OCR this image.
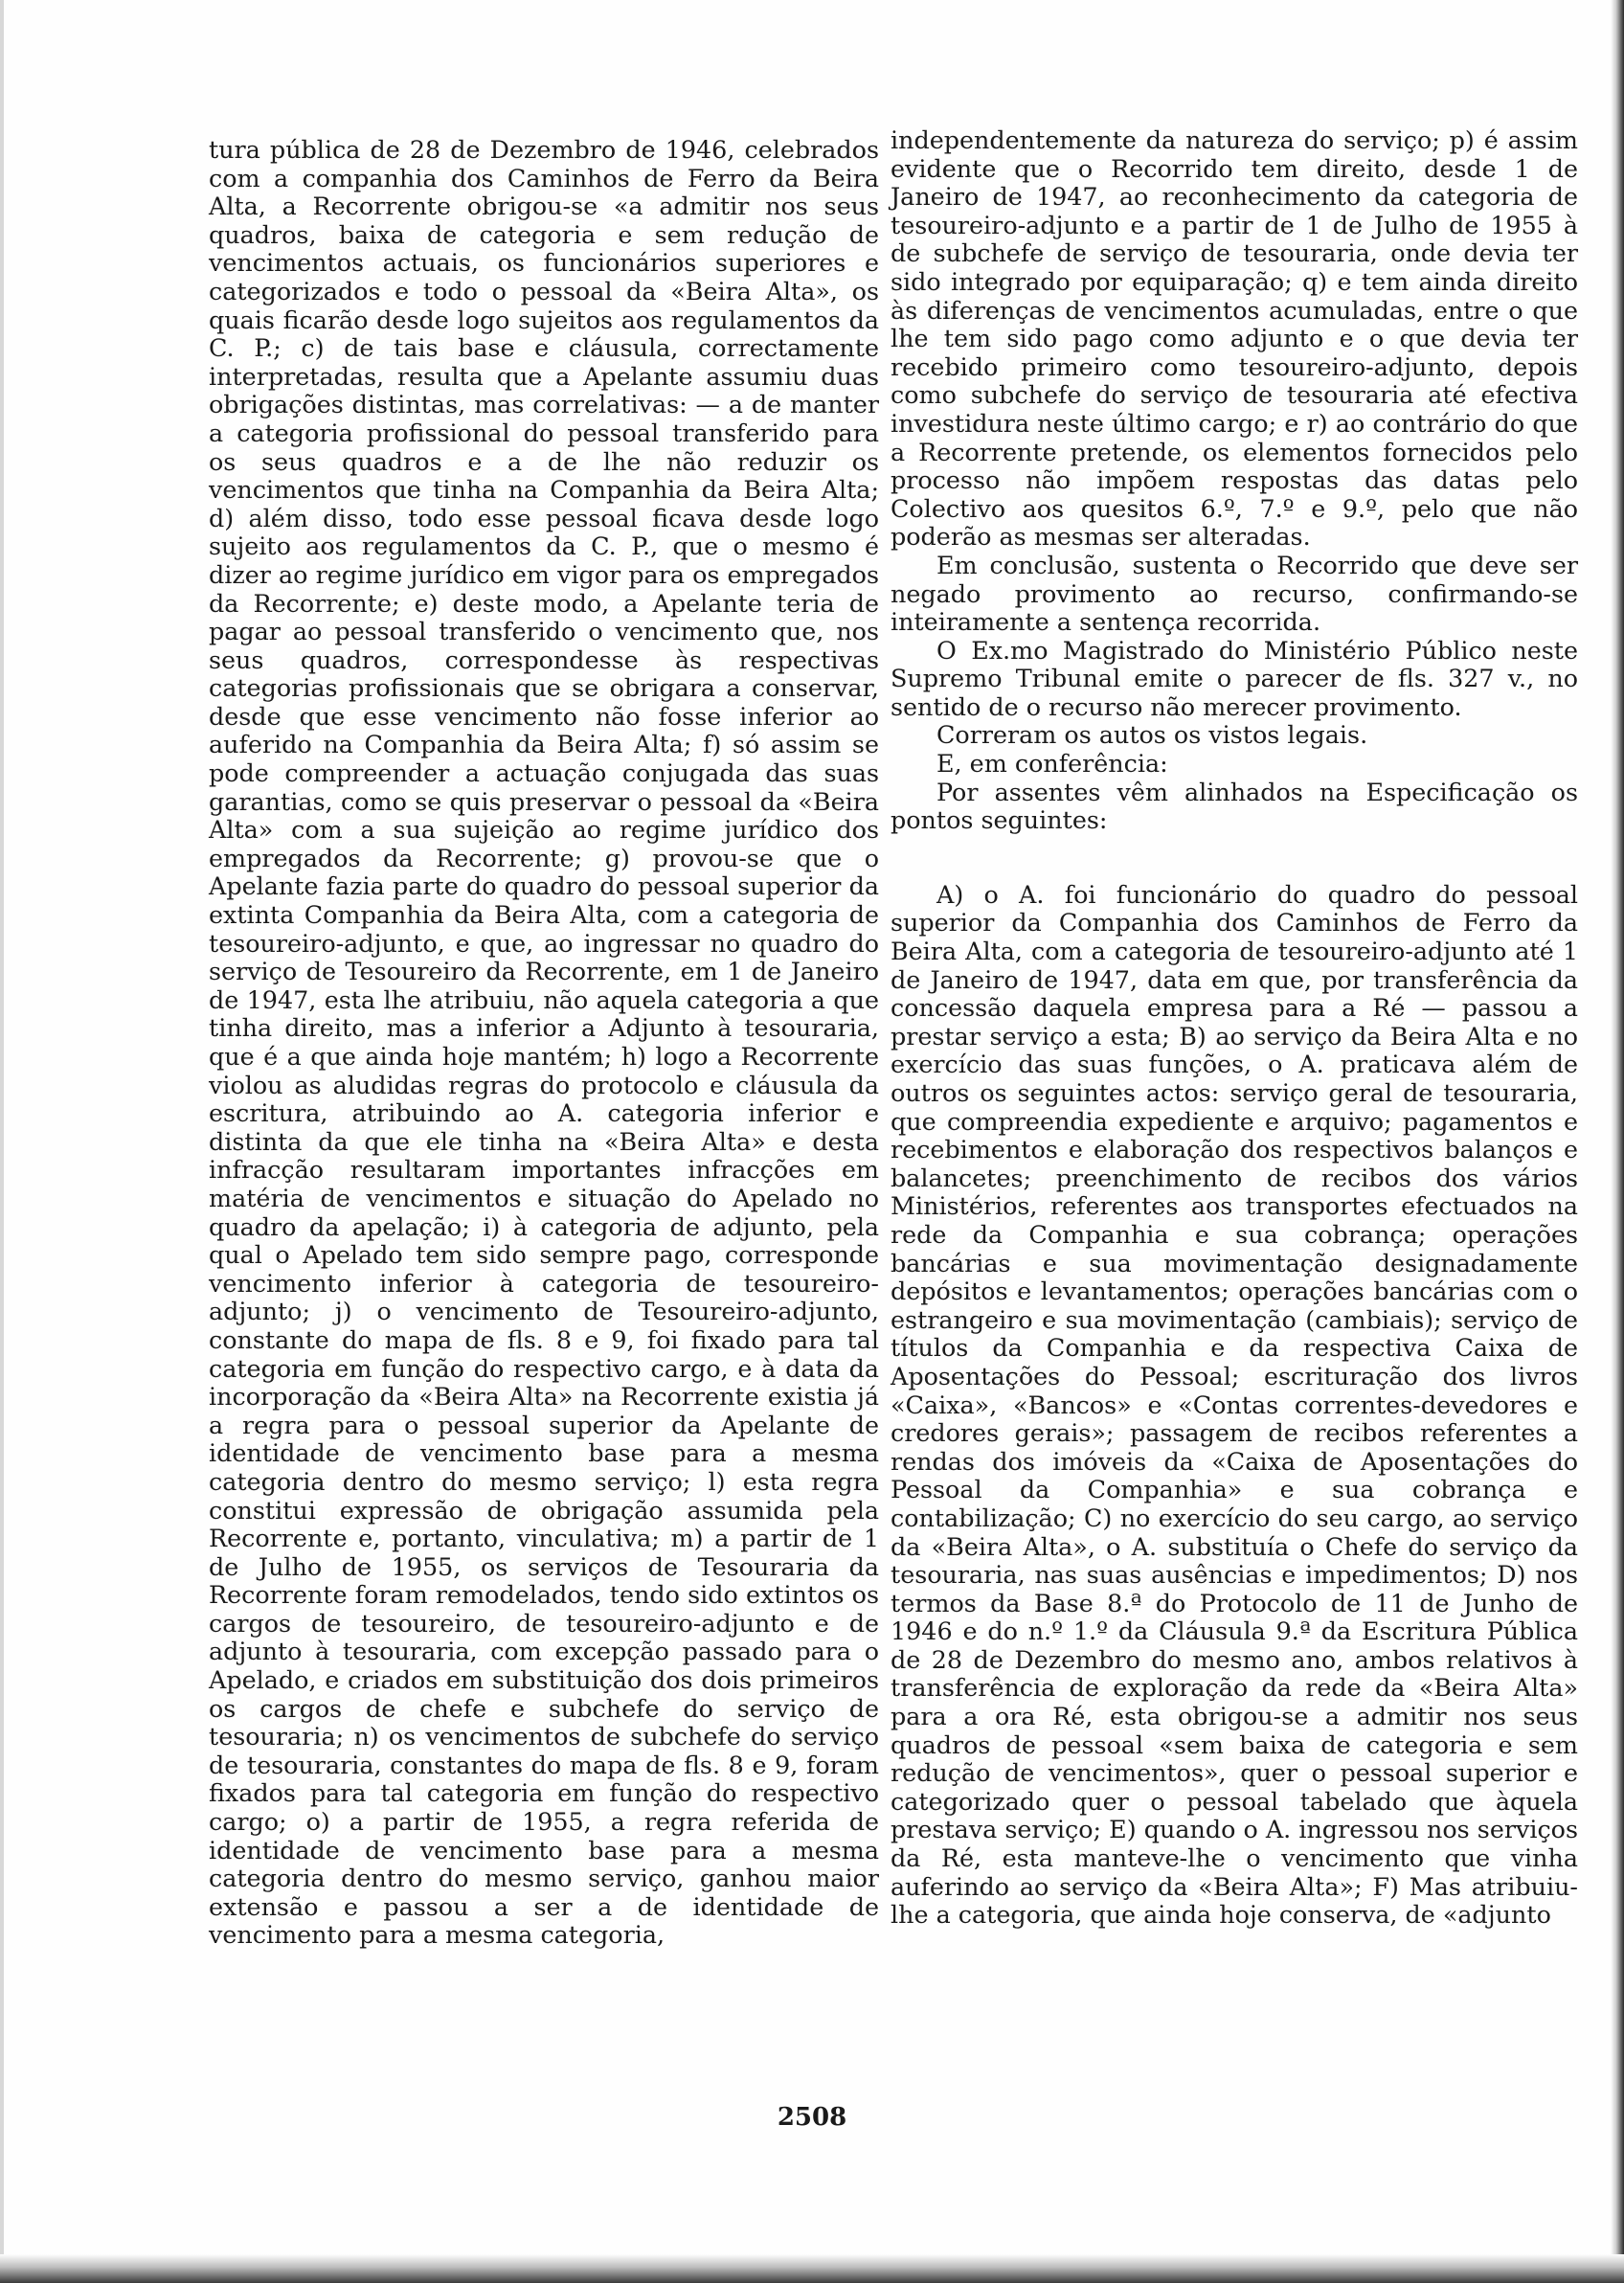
tura pública de 28 de Dezembro de 1946, celebrados com a companhia dos Caminhos de Ferro da Beira Alta, a Recorrente obrigou-se «a admitir nos seus quadros, baixa de categoria e sem redução de vencimentos actuais, os funcionários superiores e categorizados e todo o pessoal da «Beira Alta», os quais ficarão desde logo sujeitos aos regulamentos da C. P.; c) de tais base e cláusula, correctamente interpretadas, resulta que a Apelante assumiu duas obrigações distintas, mas correlativas: — a de manter a categoria profissional do pessoal transferido para os seus quadros e a de lhe não reduzir os vencimentos que tinha na Companhia da Beira Alta; d) além disso, todo esse pessoal ficava desde logo sujeito aos regulamentos da C. P., que o mesmo é dizer ao regime jurídico em vigor para os empregados da Recorrente; e) deste modo, a Apelante teria de pagar ao pessoal transferido o vencimento que, nos seus quadros, correspondesse às respectivas categorias profissionais que se obrigara a conservar, desde que esse vencimento não fosse inferior ao auferido na Companhia da Beira Alta; f) só assim se pode compreender a actuação conjugada das suas garantias, como se quis preservar o pessoal da «Beira Alta» com a sua sujeição ao regime jurídico dos empregados da Recorrente; g) provou-se que o Apelante fazia parte do quadro do pessoal superior da extinta Companhia da Beira Alta, com a categoria de tesoureiro-adjunto, e que, ao ingressar no quadro do serviço de Tesoureiro da Recorrente, em 1 de Janeiro de 1947, esta lhe atribuiu, não aquela categoria a que tinha direito, mas a inferior a Adjunto à tesouraria, que é a que ainda hoje mantém; h) logo a Recorrente violou as aludidas regras do protocolo e cláusula da escritura, atribuindo ao A. categoria inferior e distinta da que ele tinha na «Beira Alta» e desta infracção resultaram importantes infracções em matéria de vencimentos e situação do Apelado no quadro da apelação; i) à categoria de adjunto, pela qual o Apelado tem sido sempre pago, corresponde vencimento inferior à categoria de tesoureiro-adjunto; j) o vencimento de Tesoureiro-adjunto, constante do mapa de fls. 8 e 9, foi fixado para tal categoria em função do respectivo cargo, e à data da incorporação da «Beira Alta» na Recorrente existia já a regra para o pessoal superior da Apelante de identidade de vencimento base para a mesma categoria dentro do mesmo serviço; l) esta regra constitui expressão de obrigação assumida pela Recorrente e, portanto, vinculativa; m) a partir de 1 de Julho de 1955, os serviços de Tesouraria da Recorrente foram remodelados, tendo sido extintos os cargos de tesoureiro, de tesoureiro-adjunto e de adjunto à tesouraria, com excepção passado para o Apelado, e criados em substituição dos dois primeiros os cargos de chefe e subchefe do serviço de tesouraria; n) os vencimentos de subchefe do serviço de tesouraria, constantes do mapa de fls. 8 e 9, foram fixados para tal categoria em função do respectivo cargo; o) a partir de 1955, a regra referida de identidade de vencimento base para a mesma categoria dentro do mesmo serviço, ganhou maior extensão e passou a ser a de identidade de vencimento para a mesma categoria,

independentemente da natureza do serviço; p) é assim evidente que o Recorrido tem direito, desde 1 de Janeiro de 1947, ao reconhecimento da categoria de tesoureiro-adjunto e a partir de 1 de Julho de 1955 à de subchefe de serviço de tesouraria, onde devia ter sido integrado por equiparação; q) e tem ainda direito às diferenças de vencimentos acumuladas, entre o que lhe tem sido pago como adjunto e o que devia ter recebido primeiro como tesoureiro-adjunto, depois como subchefe do serviço de tesouraria até efectiva investidura neste último cargo; e r) ao contrário do que a Recorrente pretende, os elementos fornecidos pelo processo não impõem respostas das datas pelo Colectivo aos quesitos 6.º, 7.º e 9.º, pelo que não poderão as mesmas ser alteradas.

Em conclusão, sustenta o Recorrido que deve ser negado provimento ao recurso, confirmando-se inteiramente a sentença recorrida.

O Ex.mo Magistrado do Ministério Público neste Supremo Tribunal emite o parecer de fls. 327 v., no sentido de o recurso não merecer provimento.

Correram os autos os vistos legais.

E, em conferência:

Por assentes vêm alinhados na Especificação os pontos seguintes:

A) o A. foi funcionário do quadro do pessoal superior da Companhia dos Caminhos de Ferro da Beira Alta, com a categoria de tesoureiro-adjunto até 1 de Janeiro de 1947, data em que, por transferência da concessão daquela empresa para a Ré — passou a prestar serviço a esta; B) ao serviço da Beira Alta e no exercício das suas funções, o A. praticava além de outros os seguintes actos: serviço geral de tesouraria, que compreendia expediente e arquivo; pagamentos e recebimentos e elaboração dos respectivos balanços e balancetes; preenchimento de recibos dos vários Ministérios, referentes aos transportes efectuados na rede da Companhia e sua cobrança; operações bancárias e sua movimentação designadamente depósitos e levantamentos; operações bancárias com o estrangeiro e sua movimentação (cambiais); serviço de títulos da Companhia e da respectiva Caixa de Aposentações do Pessoal; escrituração dos livros «Caixa», «Bancos» e «Contas correntes-devedores e credores gerais»; passagem de recibos referentes a rendas dos imóveis da «Caixa de Aposentações do Pessoal da Companhia» e sua cobrança e contabilização; C) no exercício do seu cargo, ao serviço da «Beira Alta», o A. substituía o Chefe do serviço da tesouraria, nas suas ausências e impedimentos; D) nos termos da Base 8.ª do Protocolo de 11 de Junho de 1946 e do n.º 1.º da Cláusula 9.ª da Escritura Pública de 28 de Dezembro do mesmo ano, ambos relativos à transferência de exploração da rede da «Beira Alta» para a ora Ré, esta obrigou-se a admitir nos seus quadros de pessoal «sem baixa de categoria e sem redução de vencimentos», quer o pessoal superior e categorizado quer o pessoal tabelado que àquela prestava serviço; E) quando o A. ingressou nos serviços da Ré, esta manteve-lhe o vencimento que vinha auferindo ao serviço da «Beira Alta»; F) Mas atribuiu-lhe a categoria, que ainda hoje conserva, de «adjunto

2508
